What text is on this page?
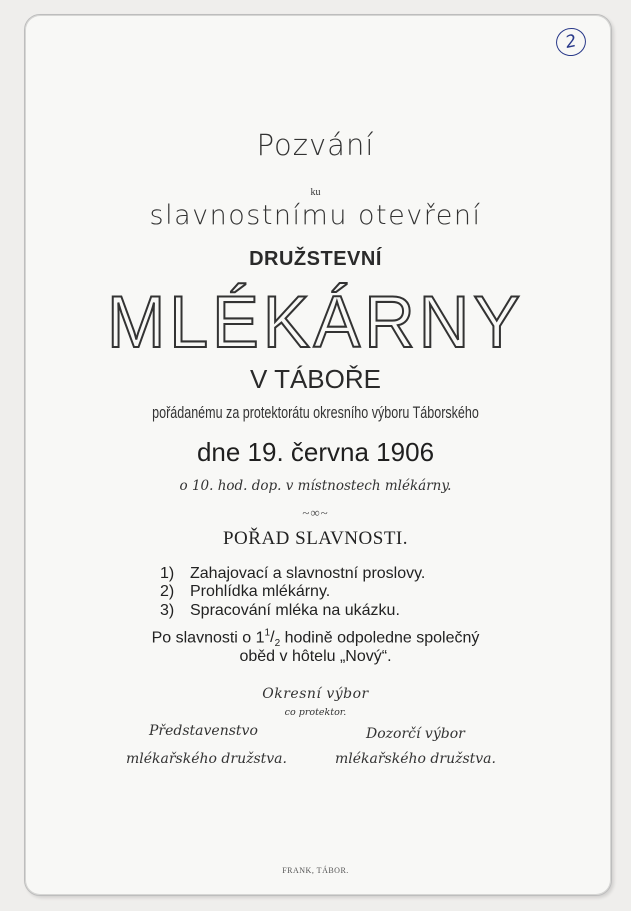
2
Pozvání
ku
slavnostnímu otevření
DRUŽSTEVNÍ
MLÉKÁRNY
V TÁBOŘE
pořádanému za protektorátu okresního výboru Táborského
dne 19. června 1906
o 10. hod. dop. v místnostech mlékárny.
~∞~
POŘAD SLAVNOSTI.
1) Zahajovací a slavnostní proslovy.
2) Prohlídka mlékárny.
3) Spracování mléka na ukázku.
Po slavnosti o $1^1/_2$ hodině odpoledne společný
oběd v hôtelu „Nový“.
Okresní výbor
co protektor.
Představenstvo
mlékařského družstva.
Dozorčí výbor
mlékařského družstva.
FRANK, TÁBOR.
